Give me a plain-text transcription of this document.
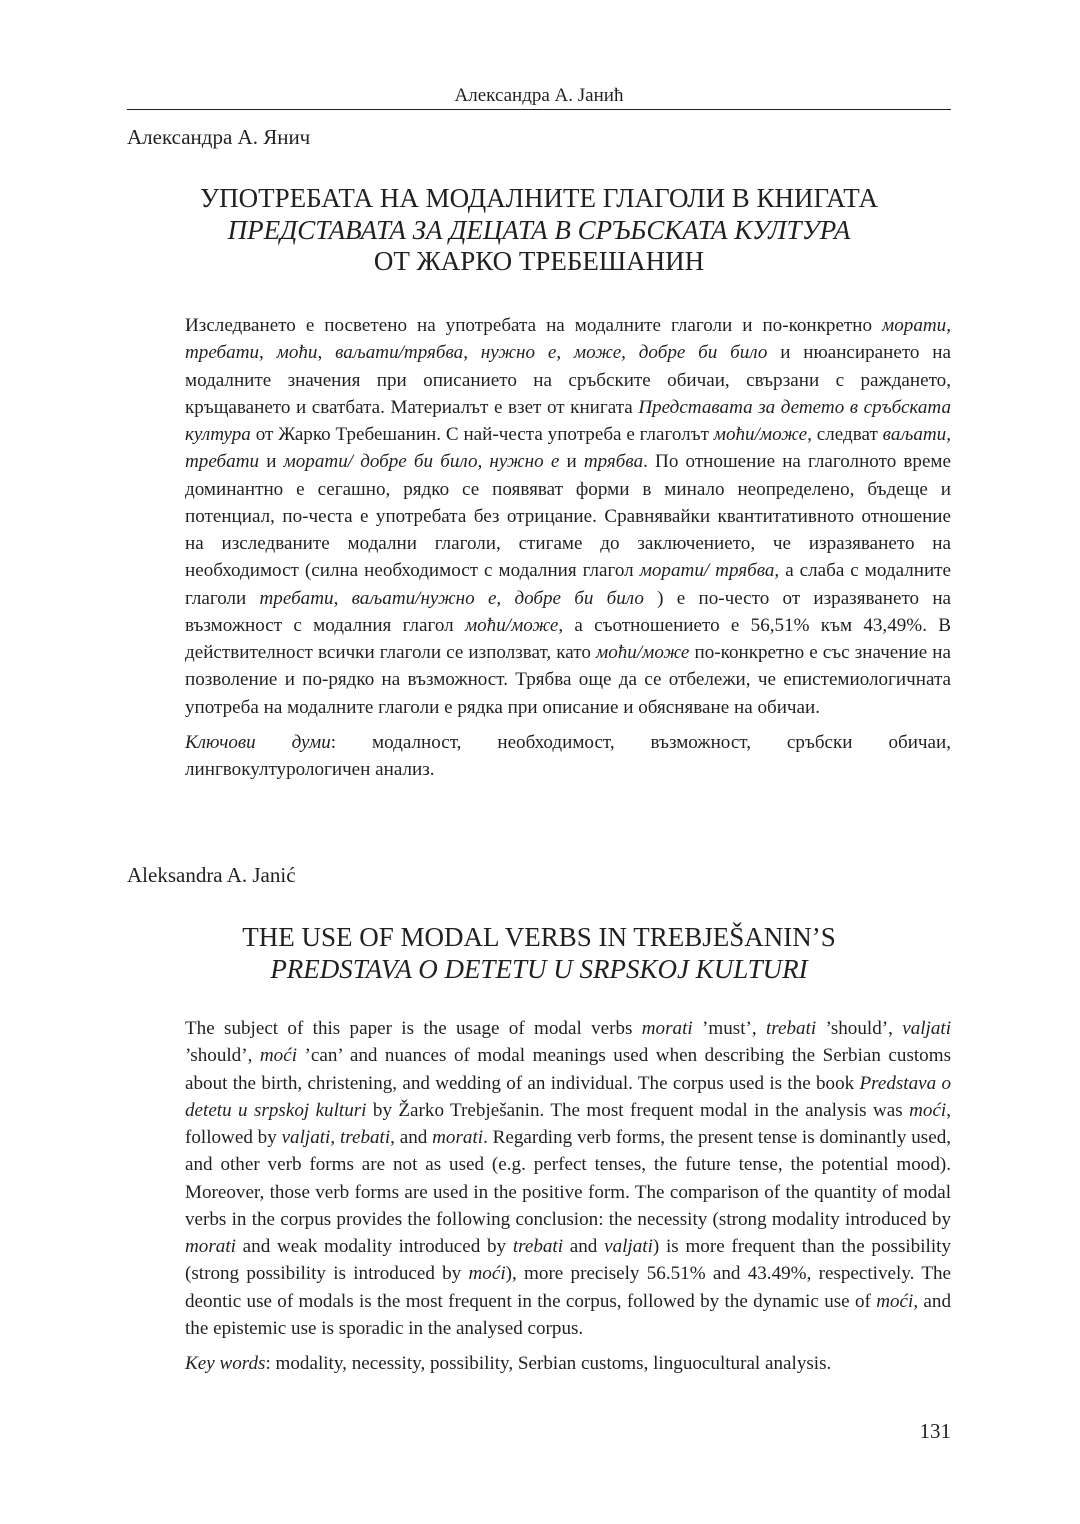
Александра А. Јанић
Александра А. Янич
УПОТРЕБАТА НА МОДАЛНИТЕ ГЛАГОЛИ В КНИГАТА
ПРЕДСТАВАТА ЗА ДЕЦАТА В СРЪБСКАТА КУЛТУРА
ОТ ЖАРКО ТРЕБЕШАНИН

Изследването е посветено на употребата на модалните глаголи и по-конкретно морати, требати, моћи, ваљати/трябва, нужно е, може, добре би било и нюансирането на модалните значения при описанието на сръбските обичаи, свързани с раждането, кръщаването и сватбата. Материалът е взет от книгата Представата за детето в сръбската култура от Жарко Требешанин. С най-честа употреба е глаголът моћи/може, следват ваљати, требати и морати/ добре би било, нужно е и трябва. По отношение на глаголното време доминантно е сегашно, рядко се появяват форми в минало неопределено, бъдеще и потенциал, по-честа е употребата без отрицание. Сравнявайки квантитативното отношение на изследваните модални глаголи, стигаме до заключението, че изразяването на необходимост (силна необходимост с модалния глагол морати/ трябва, а слаба с модалните глаголи требати, ваљати/нужно е, добре би било ) е по-често от изразяването на възможност с модалния глагол моћи/може, а съотношението е 56,51% към 43,49%. В действителност всички глаголи се използват, като моћи/може по-конкретно е със значение на позволение и по-рядко на възможност. Трябва още да се отбележи, че епистемиологичната употреба на модалните глаголи е рядка при описание и обясняване на обичаи.

Ключови думи: модалност, необходимост, възможност, сръбски обичаи, лингвокултурологичен анализ.

Aleksandra A. Janić
THE USE OF MODAL VERBS IN TREBJEŠANIN’S
PREDSTAVA O DETETU U SRPSKOJ KULTURI

The subject of this paper is the usage of modal verbs morati ’must’, trebati ’should’, valjati ’should’, moći ’can’ and nuances of modal meanings used when describing the Serbian customs about the birth, christening, and wedding of an individual. The corpus used is the book Predstava o detetu u srpskoj kulturi by Žarko Trebješanin. The most frequent modal in the analysis was moći, followed by valjati, trebati, and morati. Regarding verb forms, the present tense is dominantly used, and other verb forms are not as used (e.g. perfect tenses, the future tense, the potential mood). Moreover, those verb forms are used in the positive form. The comparison of the quantity of modal verbs in the corpus provides the following conclusion: the necessity (strong modality introduced by morati and weak modality introduced by trebati and valjati) is more frequent than the possibility (strong possibility is introduced by moći), more precisely 56.51% and 43.49%, respectively. The deontic use of modals is the most frequent in the corpus, followed by the dynamic use of moći, and the epistemic use is sporadic in the analysed corpus.

Key words: modality, necessity, possibility, Serbian customs, linguocultural analysis.

131
